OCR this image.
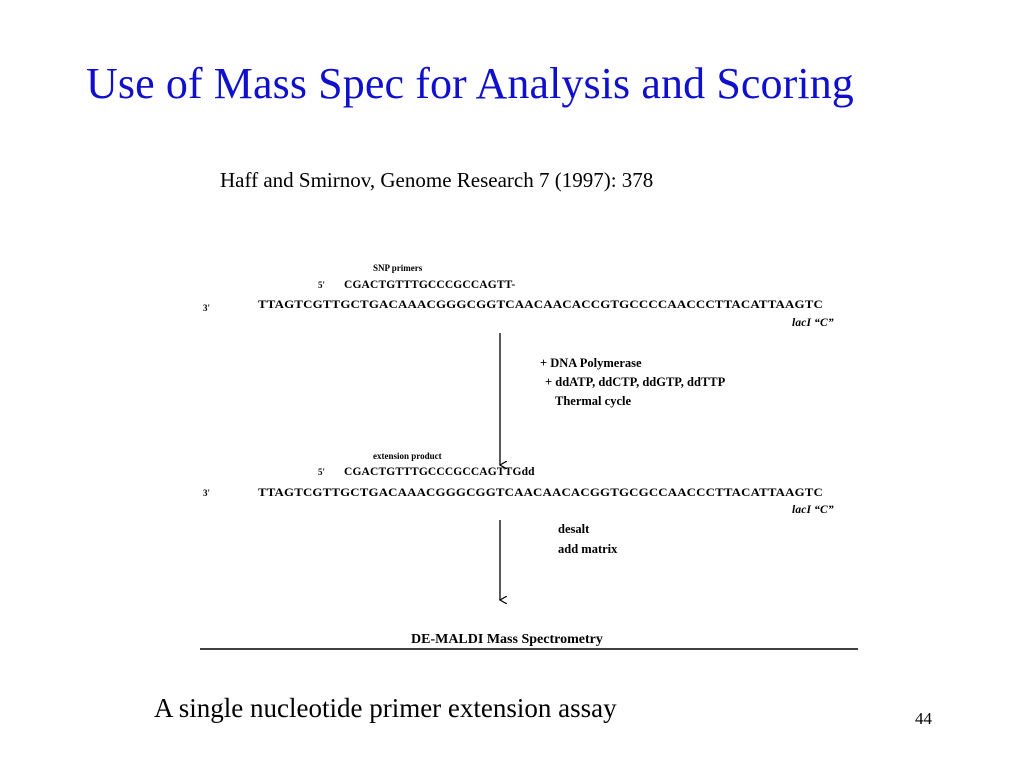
Use of Mass Spec for Analysis and Scoring
Haff and Smirnov, Genome Research 7 (1997): 378
SNP primers
5' CGACTGTTTGCCCGCCAGTT-
3'	TTAGTCGTTGCTGACAAACGGGCGGTCAACAACACCGTGCCCCAACCCTTACATTAAGTC
lacI “C”
+ DNA Polymerase
+ ddATP, ddCTP, ddGTP, ddTTP
Thermal cycle
extension product
5' CGACTGTTTGCCCGCCAGTTGdd
3'	TTAGTCGTTGCTGACAAACGGGCGGTCAACAACACGGTGCGCCAACCCTTACATTAAGTC
lacI “C”
desalt
add matrix
DE-MALDI Mass Spectrometry
A single nucleotide primer extension assay	44
